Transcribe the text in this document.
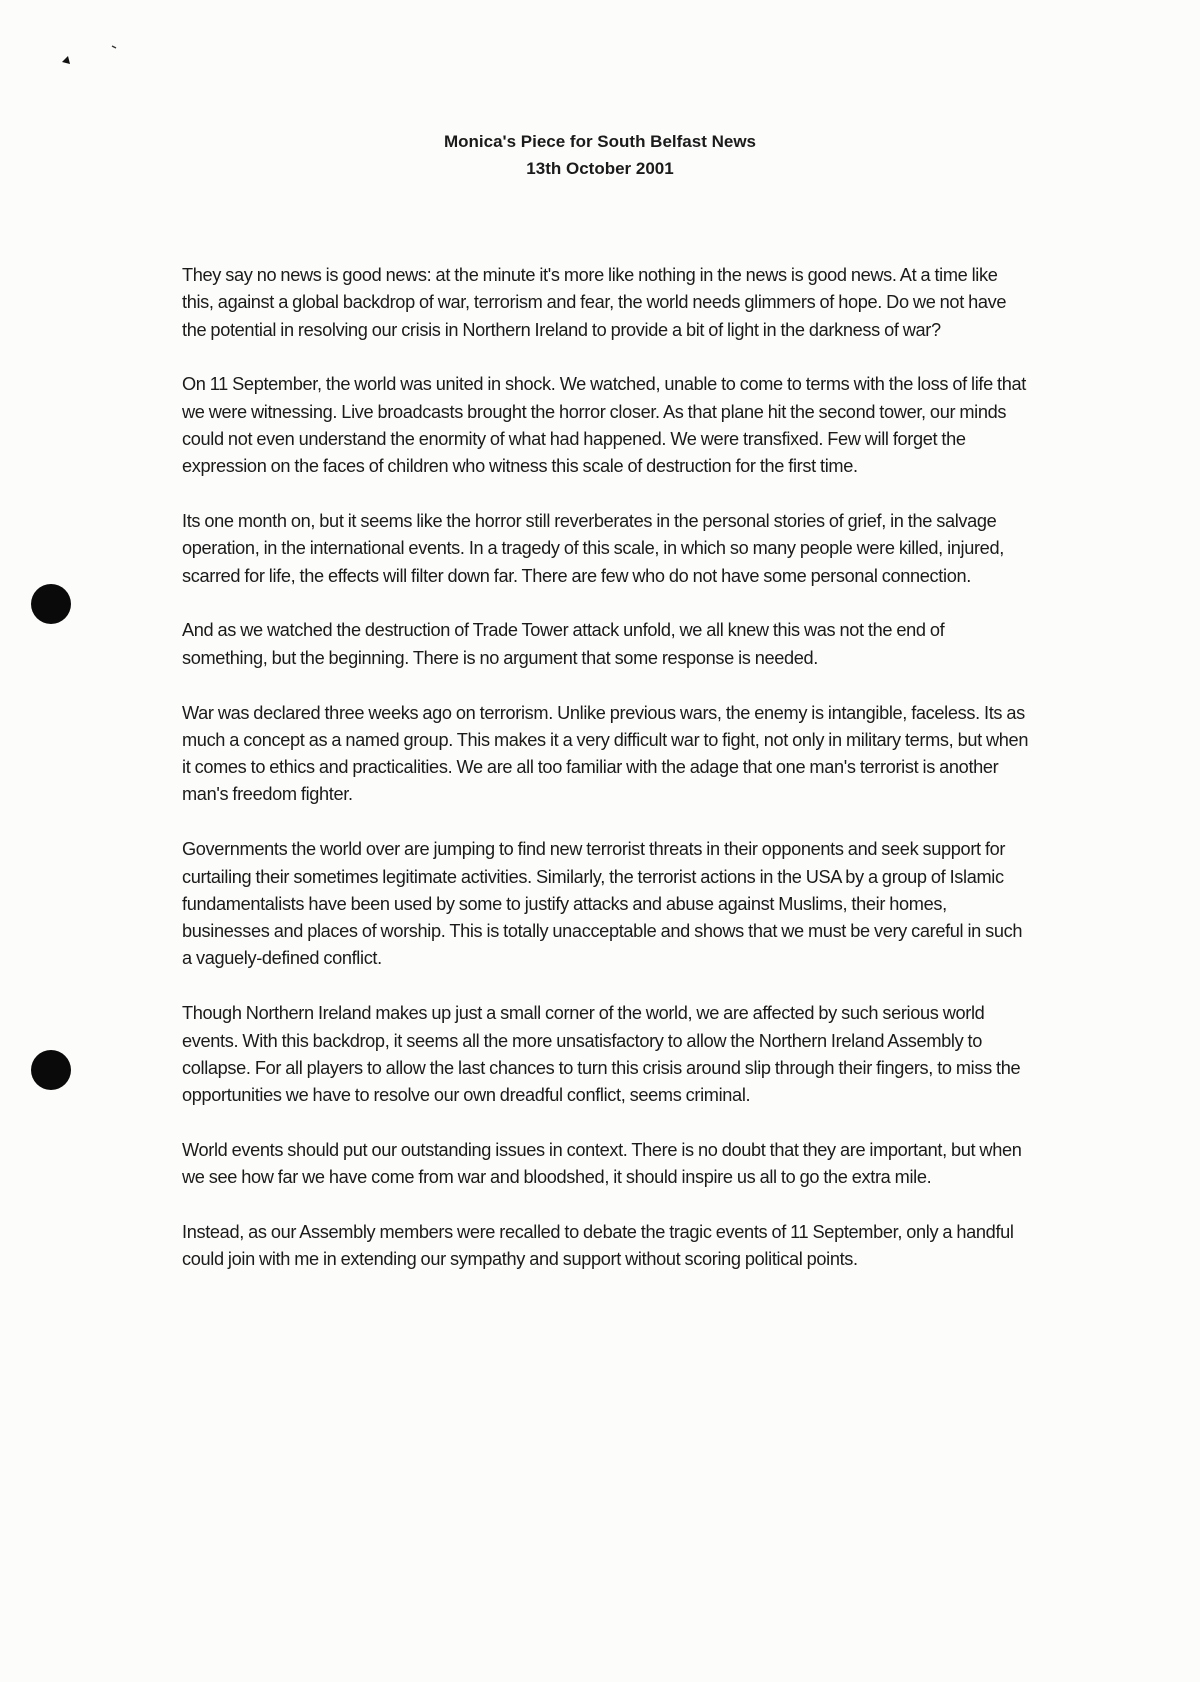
Monica's Piece for South Belfast News
13th October 2001

They say no news is good news: at the minute it's more like nothing in the news is good news. At a time like this, against a global backdrop of war, terrorism and fear, the world needs glimmers of hope. Do we not have the potential in resolving our crisis in Northern Ireland to provide a bit of light in the darkness of war?

On 11 September, the world was united in shock. We watched, unable to come to terms with the loss of life that we were witnessing. Live broadcasts brought the horror closer. As that plane hit the second tower, our minds could not even understand the enormity of what had happened. We were transfixed. Few will forget the expression on the faces of children who witness this scale of destruction for the first time.

Its one month on, but it seems like the horror still reverberates in the personal stories of grief, in the salvage operation, in the international events. In a tragedy of this scale, in which so many people were killed, injured, scarred for life, the effects will filter down far. There are few who do not have some personal connection.

And as we watched the destruction of Trade Tower attack unfold, we all knew this was not the end of something, but the beginning. There is no argument that some response is needed.

War was declared three weeks ago on terrorism. Unlike previous wars, the enemy is intangible, faceless. Its as much a concept as a named group. This makes it a very difficult war to fight, not only in military terms, but when it comes to ethics and practicalities. We are all too familiar with the adage that one man's terrorist is another man's freedom fighter.

Governments the world over are jumping to find new terrorist threats in their opponents and seek support for curtailing their sometimes legitimate activities. Similarly, the terrorist actions in the USA by a group of Islamic fundamentalists have been used by some to justify attacks and abuse against Muslims, their homes, businesses and places of worship. This is totally unacceptable and shows that we must be very careful in such a vaguely-defined conflict.

Though Northern Ireland makes up just a small corner of the world, we are affected by such serious world events. With this backdrop, it seems all the more unsatisfactory to allow the Northern Ireland Assembly to collapse. For all players to allow the last chances to turn this crisis around slip through their fingers, to miss the opportunities we have to resolve our own dreadful conflict, seems criminal.

World events should put our outstanding issues in context. There is no doubt that they are important, but when we see how far we have come from war and bloodshed, it should inspire us all to go the extra mile.

Instead, as our Assembly members were recalled to debate the tragic events of 11 September, only a handful could join with me in extending our sympathy and support without scoring political points.
